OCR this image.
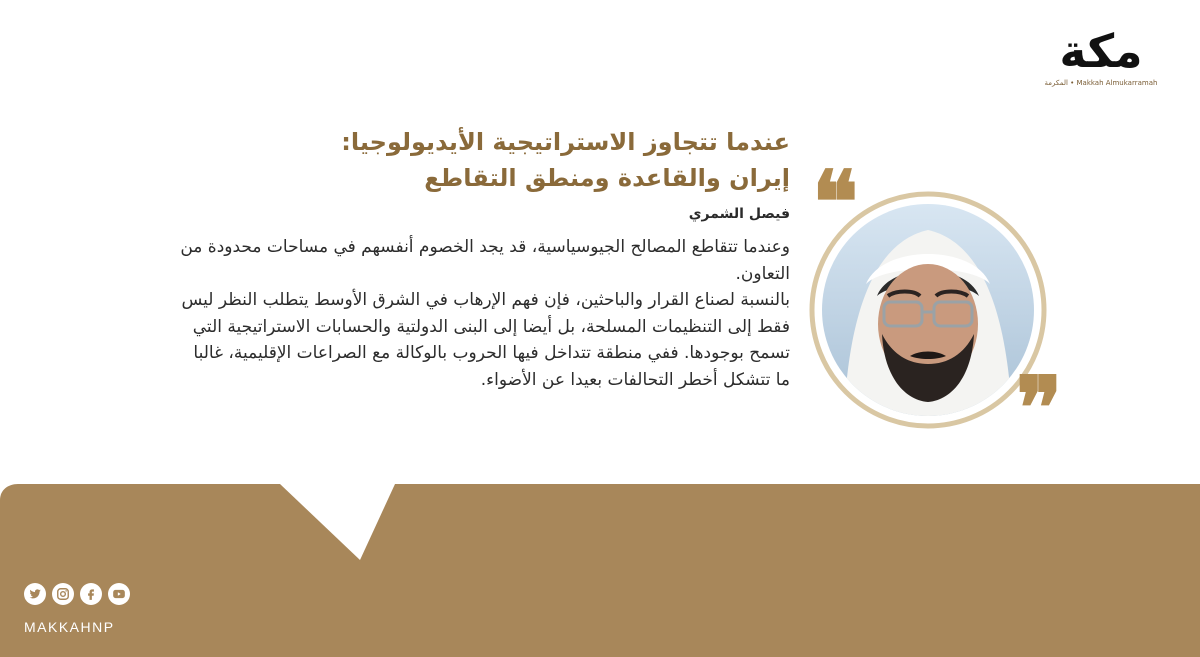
مكة
Makkah Almukarramah • المكرمة
عندما تتجاوز الاستراتيجية الأيديولوجيا:
إيران والقاعدة ومنطق التقاطع
فيصل الشمري

وعندما تتقاطع المصالح الجيوسياسية، قد يجد الخصوم أنفسهم في مساحات محدودة من التعاون.

بالنسبة لصناع القرار والباحثين، فإن فهم الإرهاب في الشرق الأوسط يتطلب النظر ليس فقط إلى التنظيمات المسلحة، بل أيضا إلى البنى الدولتية والحسابات الاستراتيجية التي تسمح بوجودها. ففي منطقة تتداخل فيها الحروب بالوكالة مع الصراعات الإقليمية، غالبا ما تتشكل أخطر التحالفات بعيدا عن الأضواء.

❝
❞
MAKKAHNP
